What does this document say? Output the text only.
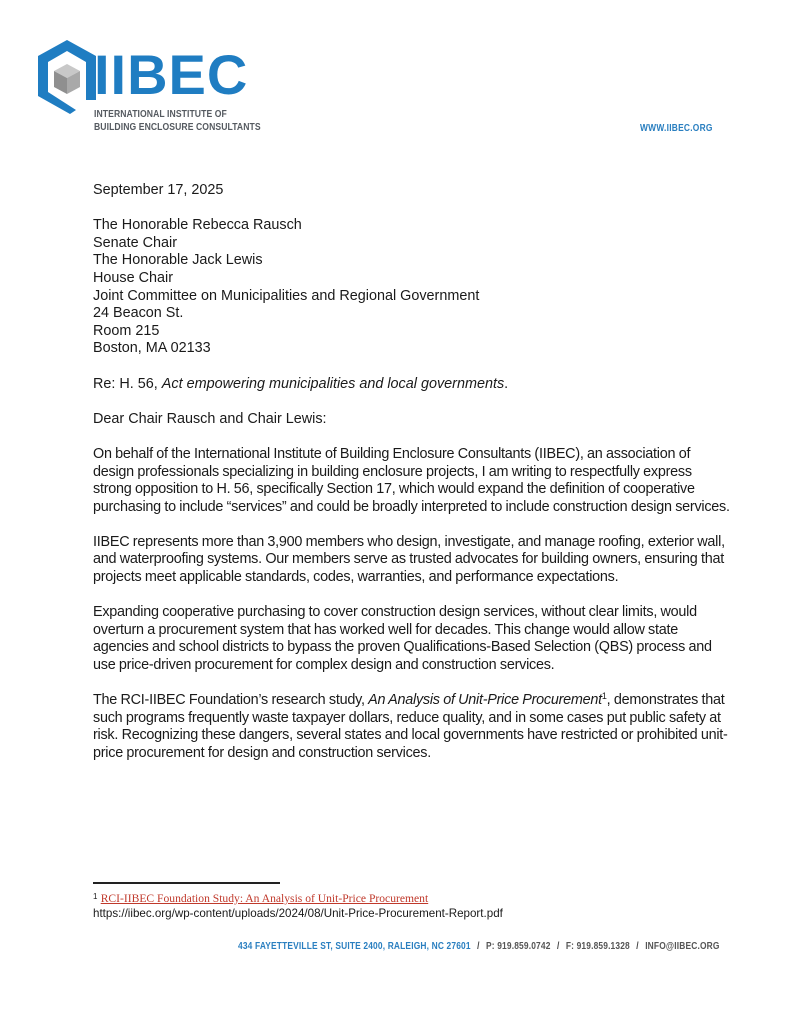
IIBEC
INTERNATIONAL INSTITUTE OF
BUILDING ENCLOSURE CONSULTANTS	WWW.IIBEC.ORG

September 17, 2025

The Honorable Rebecca Rausch

Senate Chair

The Honorable Jack Lewis

House Chair

Joint Committee on Municipalities and Regional Government

24 Beacon St.

Room 215

Boston, MA 02133

Re: H. 56, Act empowering municipalities and local governments.

Dear Chair Rausch and Chair Lewis:

On behalf of the International Institute of Building Enclosure Consultants (IIBEC), an association of design professionals specializing in building enclosure projects, I am writing to respectfully express strong opposition to H. 56, specifically Section 17, which would expand the definition of cooperative purchasing to include “services” and could be broadly interpreted to include construction design services.

IIBEC represents more than 3,900 members who design, investigate, and manage roofing, exterior wall, and waterproofing systems. Our members serve as trusted advocates for building owners, ensuring that projects meet applicable standards, codes, warranties, and performance expectations.

Expanding cooperative purchasing to cover construction design services, without clear limits, would overturn a procurement system that has worked well for decades. This change would allow state agencies and school districts to bypass the proven Qualifications-Based Selection (QBS) process and use price-driven procurement for complex design and construction services.

The RCI-IIBEC Foundation’s research study, An Analysis of Unit-Price Procurement$^1$, demonstrates that such programs frequently waste taxpayer dollars, reduce quality, and in some cases put public safety at risk. Recognizing these dangers, several states and local governments have restricted or prohibited unit-price procurement for design and construction services.

$^1$ RCI-IIBEC Foundation Study: An Analysis of Unit-Price Procurement
https://iibec.org/wp-content/uploads/2024/08/Unit-Price-Procurement-Report.pdf
434 FAYETTEVILLE ST, SUITE 2400, RALEIGH, NC 27601 / P: 919.859.0742 / F: 919.859.1328 / INFO@IIBEC.ORG
